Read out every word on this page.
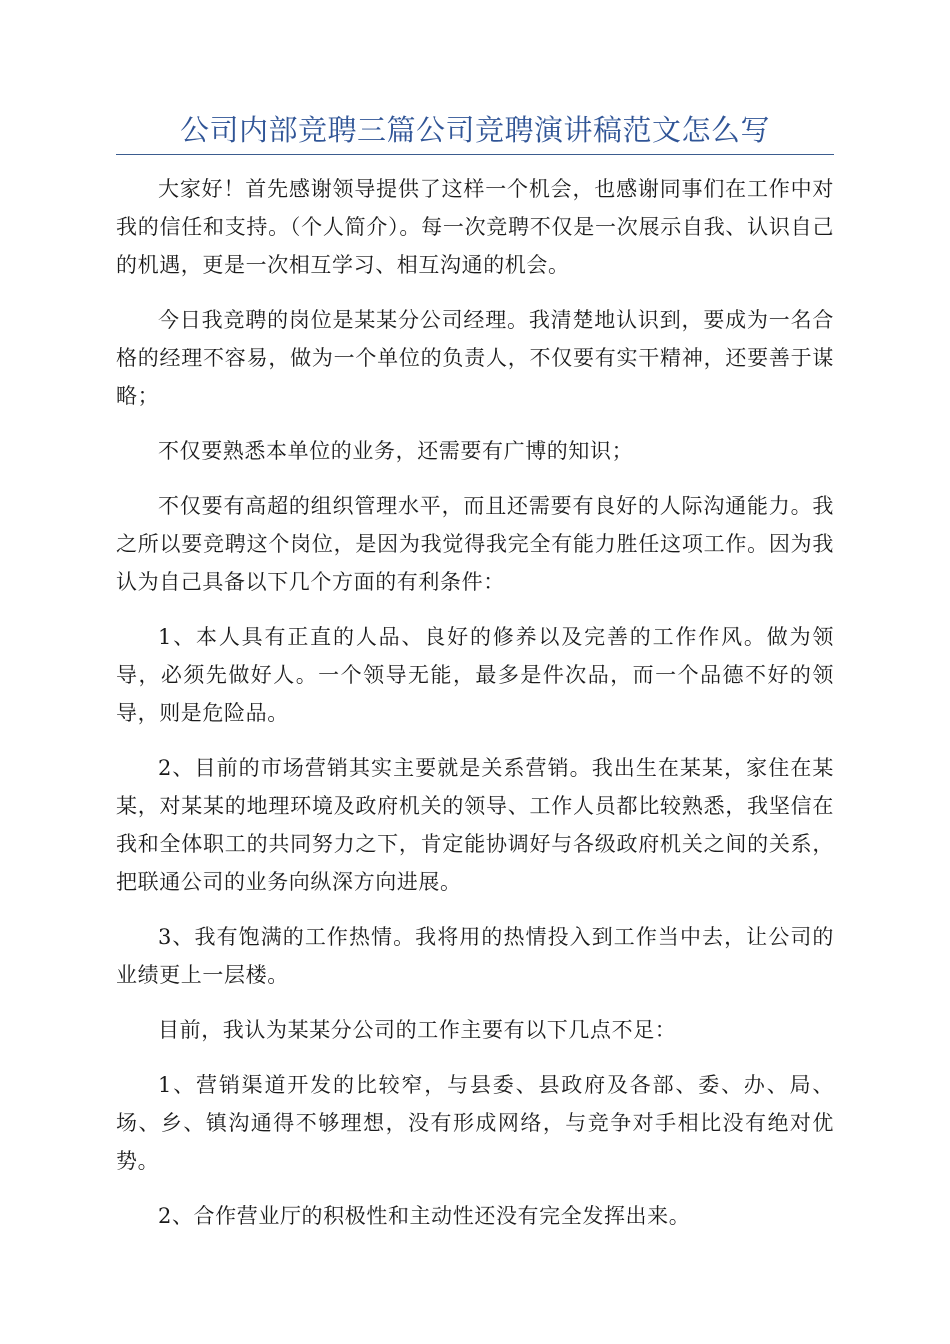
公司内部竞聘三篇公司竞聘演讲稿范文怎么写

大家好！首先感谢领导提供了这样一个机会，也感谢同事们在工作中对我的信任和支持。（个人简介）。每一次竞聘不仅是一次展示自我、认识自己的机遇，更是一次相互学习、相互沟通的机会。

今日我竞聘的岗位是某某分公司经理。我清楚地认识到，要成为一名合格的经理不容易，做为一个单位的负责人，不仅要有实干精神，还要善于谋略；

不仅要熟悉本单位的业务，还需要有广博的知识；

不仅要有高超的组织管理水平，而且还需要有良好的人际沟通能力。我之所以要竞聘这个岗位，是因为我觉得我完全有能力胜任这项工作。因为我认为自己具备以下几个方面的有利条件：

1、本人具有正直的人品、良好的修养以及完善的工作作风。做为领导，必须先做好人。一个领导无能，最多是件次品，而一个品德不好的领导，则是危险品。

2、目前的市场营销其实主要就是关系营销。我出生在某某，家住在某某，对某某的地理环境及政府机关的领导、工作人员都比较熟悉，我坚信在我和全体职工的共同努力之下，肯定能协调好与各级政府机关之间的关系，把联通公司的业务向纵深方向进展。

3、我有饱满的工作热情。我将用的热情投入到工作当中去，让公司的业绩更上一层楼。

目前，我认为某某分公司的工作主要有以下几点不足：

1、营销渠道开发的比较窄，与县委、县政府及各部、委、办、局、场、乡、镇沟通得不够理想，没有形成网络，与竞争对手相比没有绝对优势。

2、合作营业厅的积极性和主动性还没有完全发挥出来。
